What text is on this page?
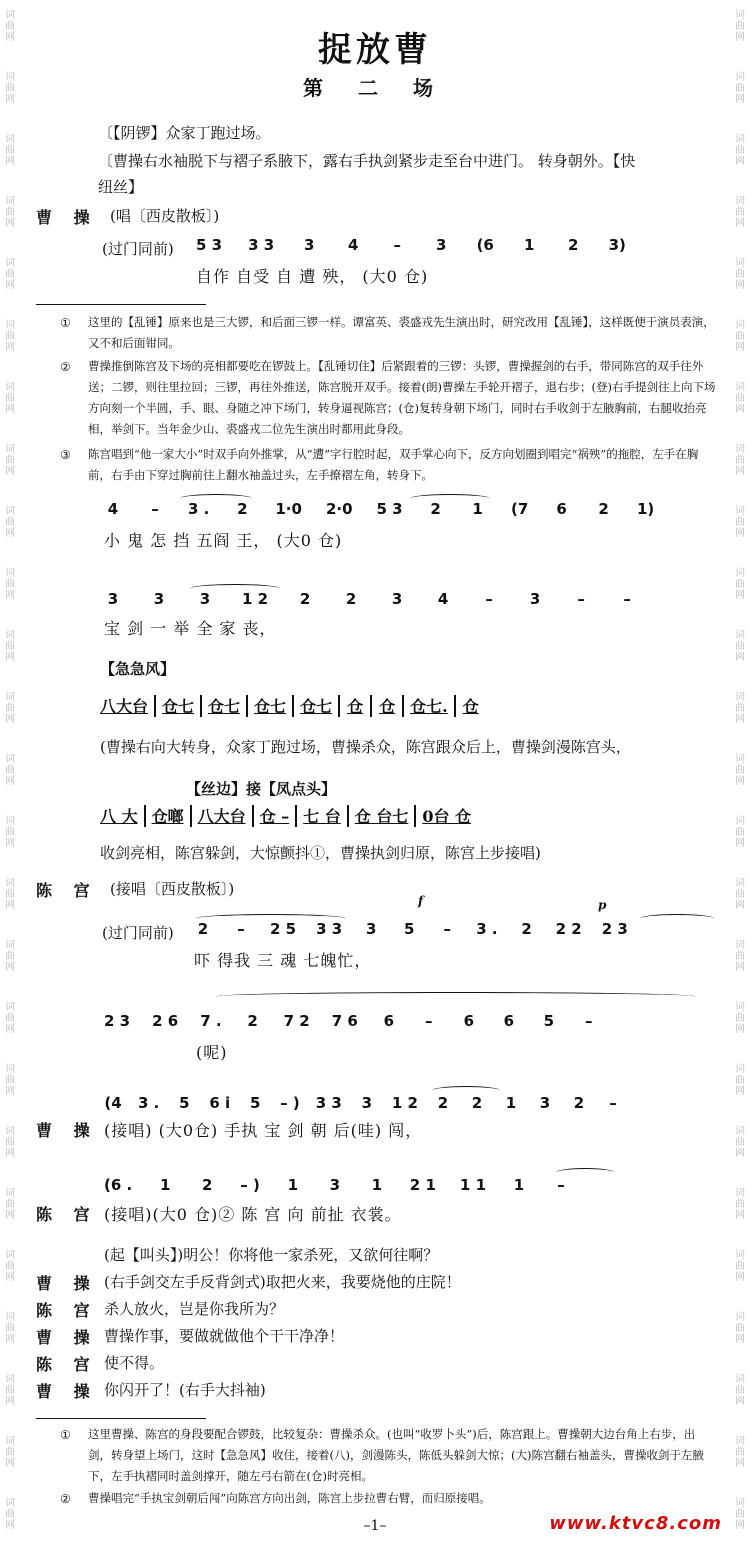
词
曲
网
词
曲
网
词
曲
网
词
曲
网
词
曲
网
词
曲
网
词
曲
网
词
曲
网
词
曲
网
词
曲
网
词
曲
网
词
曲
网
词
曲
网
词
曲
网
词
曲
网
词
曲
网
词
曲
网
词
曲
网
词
曲
网
词
曲
网
词
曲
网
词
曲
网
词
曲
网
词
曲
网
词
曲
网
词
曲
网
词
曲
网
词
曲
网
词
曲
网
词
曲
网
词
曲
网
词
曲
网
词
曲
网
词
曲
网
词
曲
网
词
曲
网
词
曲
网
词
曲
网
词
曲
网
词
曲
网
词
曲
网
词
曲
网
词
曲
网
词
曲
网
词
曲
网
词
曲
网
词
曲
网
词
曲
网
词
曲
网
词
曲
网
捉放曹
第 二 场
〔【阴锣】众家丁跑过场。
〔曹操右水袖脱下与褶子系腋下，露右手执剑紧步走至台中进门。 转身朝外。【快
纽丝】
曹 操 (唱〔西皮散板〕)
(过门同前) 5 3 3 3 3 4	–	3 (6 1 2 3)
自作 自受 自 遭 殃， (大0 仓)
① 这里的【乱锤】原来也是三大锣，和后面三锣一样。谭富英、裘盛戎先生演出时，研究改用【乱锤】，这样既便于演员表演，又不和后面钳同。
② 曹操推倒陈宫及下场的亮相都要吃在锣鼓上。【乱锤切住】后紧跟着的三锣：头锣，曹操握剑的右手，带同陈宫的双手往外送；二锣，则往里拉回；三锣，再往外推送，陈宫脱开双手。接着(朗)曹操左手轮开褶子，退右步；(登)右手提剑往上向下场方向刻一个半圆，手、眼、身随之冲下场门，转身逼视陈宫；(仓)复转身朝下场门，同时右手收剑于左腋胸前，右腿收抬亮相，举剑下。当年金少山、裘盛戎二位先生演出时都用此身段。
③ 陈宫唱到“他一家大小”时双手向外推掌，从“遭”字行腔时起，双手掌心向下，反方向划圈到唱完“祸殃”的拖腔，左手在胸前，右手由下穿过胸前往上翻水袖盖过头，左手撩褶左角，转身下。
4	–	3 . 2 1·0 2·0 5 3 2 1 (7 6 2 1)
小 鬼 怎 挡 五阎 王， (大0 仓)
3 3 3 1 2 2 2 3 4	–	3	–	–
宝 剑 一 举 全 家 丧，
【急急风】
八大台 仓七 仓七 仓七 仓七 仓 仓 仓七. 仓
(曹操右向大转身，众家丁跑过场，曹操杀众，陈宫跟众后上，曹操剑漫陈宫头，
【丝边】接【凤点头】
八 大 仓啷 八大台 仓 – 七 台 仓 台七 0台 仓
收剑亮相，陈宫躲剑，大惊颤抖①，曹操执剑归原，陈宫上步接唱)
陈 宫 (接唱〔西皮散板〕)
f	p
(过门同前) 2	–	2 5 3 3 3 5	–	3 . 2 2 2 2 3
吓 得我 三 魂 七魄忙，
2 3 2 6 7 . 2 7 2 7 6 6	–	6 6 5	–
(呢)
(4 3 . 5 6 i 5 – ) 3 3 3 1 2 2 2 1 3 2	–
曹 操 (接唱) (大0仓) 手执 宝 剑 朝 后(哇) 闯，
(6 . 1 2 – ) 1 3 1 2 1 1 1 1	–
陈 宫 (接唱)(大0 仓)② 陈 宫 向 前扯 衣裳。
(起【叫头】)明公！你将他一家杀死，又欲何往啊？
曹 操 (右手剑交左手反背剑式)取把火来，我要烧他的庄院！
陈 宫 杀人放火，岂是你我所为？
曹 操 曹操作事，要做就做他个干干净净！
陈 宫 使不得。
曹 操 你闪开了！(右手大抖袖)
① 这里曹操、陈宫的身段要配合锣鼓，比较复杂：曹操杀众。(也叫“收罗卜头”)后，陈宫跟上。曹操朝大边台角上右步，出剑，转身望上场门，这时【急急风】收住，接着(八)，剑漫陈头，陈低头躲剑大惊；(大)陈宫翻右袖盖头，曹操收剑于左腋下，左手执褶同时盖剑撑开，随左弓右箭在(仓)时亮相。
② 曹操唱完“手执宝剑朝后闯”向陈宫方向出剑，陈宫上步拉曹右臂，而归原接唱。
–1–	www.ktvc8.com
